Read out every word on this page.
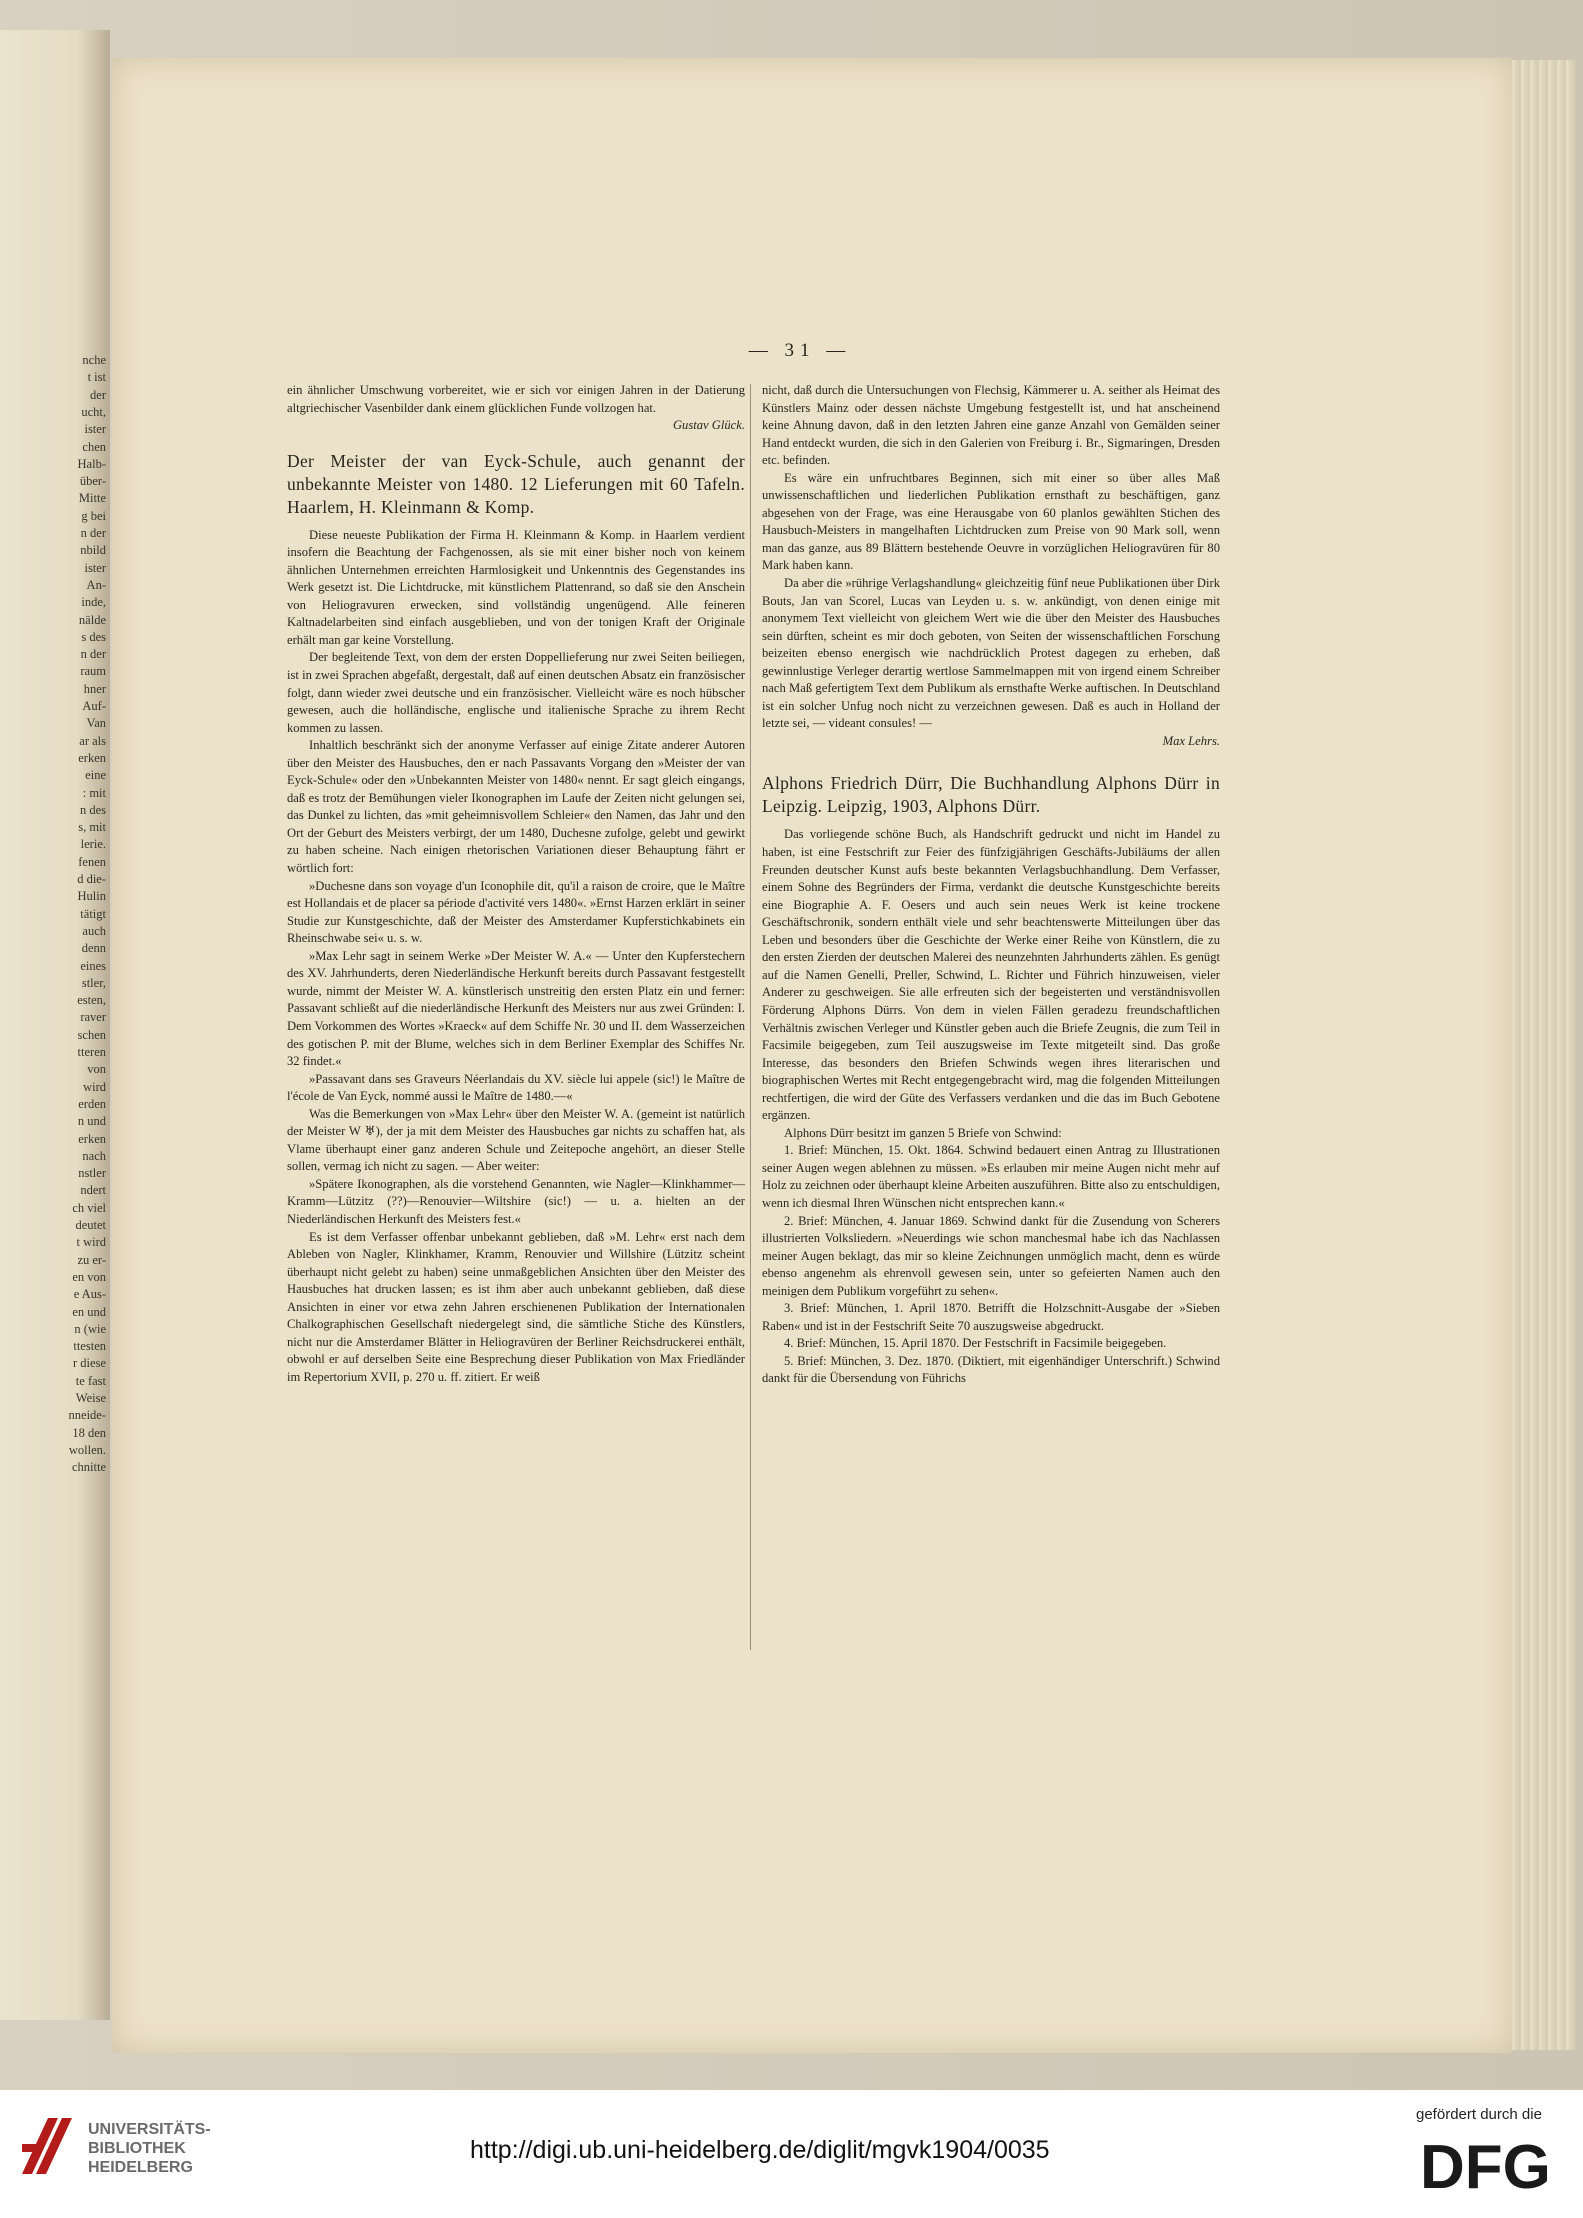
nche
t ist
der
ucht,
ister
chen
Halb-
über-
Mitte
g bei
n der
nbild
ister
An-
inde,
nälde
s des
n der
raum
hner
Auf-
Van
ar als
erken
eine
: mit
n des
s, mit
lerie.
fenen
d die-
Hulin
tätigt
auch
denn
eines
stler,
esten,
raver
schen
tteren
von
wird
erden
n und
erken
nach
nstler
ndert
ch viel
deutet
t wird
zu er-
en von
e Aus-
en und
n (wie
ttesten
r diese
te fast
Weise
nneide-
18 den
wollen.
chnitte
— 31 —

ein ähnlicher Umschwung vorbereitet, wie er sich vor einigen Jahren in der Datierung altgriechischer Vasenbilder dank einem glücklichen Funde vollzogen hat.

Gustav Glück.

Der Meister der van Eyck-Schule, auch genannt der unbekannte Meister von 1480. 12 Lieferungen mit 60 Tafeln. Haarlem, H. Kleinmann & Komp.

Diese neueste Publikation der Firma H. Kleinmann & Komp. in Haarlem verdient insofern die Beachtung der Fachgenossen, als sie mit einer bisher noch von keinem ähnlichen Unternehmen erreichten Harmlosigkeit und Unkenntnis des Gegenstandes ins Werk gesetzt ist. Die Lichtdrucke, mit künstlichem Plattenrand, so daß sie den Anschein von Heliogravuren erwecken, sind vollständig ungenügend. Alle feineren Kaltnadelarbeiten sind einfach ausgeblieben, und von der tonigen Kraft der Originale erhält man gar keine Vorstellung.

Der begleitende Text, von dem der ersten Doppellieferung nur zwei Seiten beiliegen, ist in zwei Sprachen abgefaßt, dergestalt, daß auf einen deutschen Absatz ein französischer folgt, dann wieder zwei deutsche und ein französischer. Vielleicht wäre es noch hübscher gewesen, auch die holländische, englische und italienische Sprache zu ihrem Recht kommen zu lassen.

Inhaltlich beschränkt sich der anonyme Verfasser auf einige Zitate anderer Autoren über den Meister des Hausbuches, den er nach Passavants Vorgang den »Meister der van Eyck-Schule« oder den »Unbekannten Meister von 1480« nennt. Er sagt gleich eingangs, daß es trotz der Bemühungen vieler Ikonographen im Laufe der Zeiten nicht gelungen sei, das Dunkel zu lichten, das »mit geheimnisvollem Schleier« den Namen, das Jahr und den Ort der Geburt des Meisters verbirgt, der um 1480, Duchesne zufolge, gelebt und gewirkt zu haben scheine. Nach einigen rhetorischen Variationen dieser Behauptung fährt er wörtlich fort:

»Duchesne dans son voyage d'un Iconophile dit, qu'il a raison de croire, que le Maître est Hollandais et de placer sa période d'activité vers 1480«. »Ernst Harzen erklärt in seiner Studie zur Kunstgeschichte, daß der Meister des Amsterdamer Kupferstichkabinets ein Rheinschwabe sei« u. s. w.

»Max Lehr sagt in seinem Werke »Der Meister W. A.« — Unter den Kupferstechern des XV. Jahrhunderts, deren Niederländische Herkunft bereits durch Passavant festgestellt wurde, nimmt der Meister W. A. künstlerisch unstreitig den ersten Platz ein und ferner: Passavant schließt auf die niederländische Herkunft des Meisters nur aus zwei Gründen: I. Dem Vorkommen des Wortes »Kraeck« auf dem Schiffe Nr. 30 und II. dem Wasserzeichen des gotischen P. mit der Blume, welches sich in dem Berliner Exemplar des Schiffes Nr. 32 findet.«

»Passavant dans ses Graveurs Néerlandais du XV. siècle lui appele (sic!) le Maître de l'école de Van Eyck, nommé aussi le Maître de 1480.—«

Was die Bemerkungen von »Max Lehr« über den Meister W. A. (gemeint ist natürlich der Meister W ♅), der ja mit dem Meister des Hausbuches gar nichts zu schaffen hat, als Vlame überhaupt einer ganz anderen Schule und Zeitepoche angehört, an dieser Stelle sollen, vermag ich nicht zu sagen. — Aber weiter:

»Spätere Ikonographen, als die vorstehend Genannten, wie Nagler—Klinkhammer—Kramm—Lützitz (??)—Renouvier—Wiltshire (sic!) — u. a. hielten an der Niederländischen Herkunft des Meisters fest.«

Es ist dem Verfasser offenbar unbekannt geblieben, daß »M. Lehr« erst nach dem Ableben von Nagler, Klinkhamer, Kramm, Renouvier und Willshire (Lützitz scheint überhaupt nicht gelebt zu haben) seine unmaßgeblichen Ansichten über den Meister des Hausbuches hat drucken lassen; es ist ihm aber auch unbekannt geblieben, daß diese Ansichten in einer vor etwa zehn Jahren erschienenen Publikation der Internationalen Chalkographischen Gesellschaft niedergelegt sind, die sämtliche Stiche des Künstlers, nicht nur die Amsterdamer Blätter in Heliogravüren der Berliner Reichsdruckerei enthält, obwohl er auf derselben Seite eine Besprechung dieser Publikation von Max Friedländer im Repertorium XVII, p. 270 u. ff. zitiert. Er weiß

nicht, daß durch die Untersuchungen von Flechsig, Kämmerer u. A. seither als Heimat des Künstlers Mainz oder dessen nächste Umgebung festgestellt ist, und hat anscheinend keine Ahnung davon, daß in den letzten Jahren eine ganze Anzahl von Gemälden seiner Hand entdeckt wurden, die sich in den Galerien von Freiburg i. Br., Sigmaringen, Dresden etc. befinden.

Es wäre ein unfruchtbares Beginnen, sich mit einer so über alles Maß unwissenschaftlichen und liederlichen Publikation ernsthaft zu beschäftigen, ganz abgesehen von der Frage, was eine Herausgabe von 60 planlos gewählten Stichen des Hausbuch-Meisters in mangelhaften Lichtdrucken zum Preise von 90 Mark soll, wenn man das ganze, aus 89 Blättern bestehende Oeuvre in vorzüglichen Heliogravüren für 80 Mark haben kann.

Da aber die »rührige Verlagshandlung« gleichzeitig fünf neue Publikationen über Dirk Bouts, Jan van Scorel, Lucas van Leyden u. s. w. ankündigt, von denen einige mit anonymem Text vielleicht von gleichem Wert wie die über den Meister des Hausbuches sein dürften, scheint es mir doch geboten, von Seiten der wissenschaftlichen Forschung beizeiten ebenso energisch wie nachdrücklich Protest dagegen zu erheben, daß gewinnlustige Verleger derartig wertlose Sammelmappen mit von irgend einem Schreiber nach Maß gefertigtem Text dem Publikum als ernsthafte Werke auftischen. In Deutschland ist ein solcher Unfug noch nicht zu verzeichnen gewesen. Daß es auch in Holland der letzte sei, — videant consules! —

Max Lehrs.

Alphons Friedrich Dürr, Die Buchhandlung Alphons Dürr in Leipzig. Leipzig, 1903, Alphons Dürr.

Das vorliegende schöne Buch, als Handschrift gedruckt und nicht im Handel zu haben, ist eine Festschrift zur Feier des fünfzigjährigen Geschäfts-Jubiläums der allen Freunden deutscher Kunst aufs beste bekannten Verlagsbuchhandlung. Dem Verfasser, einem Sohne des Begründers der Firma, verdankt die deutsche Kunstgeschichte bereits eine Biographie A. F. Oesers und auch sein neues Werk ist keine trockene Geschäftschronik, sondern enthält viele und sehr beachtenswerte Mitteilungen über das Leben und besonders über die Geschichte der Werke einer Reihe von Künstlern, die zu den ersten Zierden der deutschen Malerei des neunzehnten Jahrhunderts zählen. Es genügt auf die Namen Genelli, Preller, Schwind, L. Richter und Führich hinzuweisen, vieler Anderer zu geschweigen. Sie alle erfreuten sich der begeisterten und verständnisvollen Förderung Alphons Dürrs. Von dem in vielen Fällen geradezu freundschaftlichen Verhältnis zwischen Verleger und Künstler geben auch die Briefe Zeugnis, die zum Teil in Facsimile beigegeben, zum Teil auszugsweise im Texte mitgeteilt sind. Das große Interesse, das besonders den Briefen Schwinds wegen ihres literarischen und biographischen Wertes mit Recht entgegengebracht wird, mag die folgenden Mitteilungen rechtfertigen, die wird der Güte des Verfassers verdanken und die das im Buch Gebotene ergänzen.

Alphons Dürr besitzt im ganzen 5 Briefe von Schwind:

1. Brief: München, 15. Okt. 1864. Schwind bedauert einen Antrag zu Illustrationen seiner Augen wegen ablehnen zu müssen. »Es erlauben mir meine Augen nicht mehr auf Holz zu zeichnen oder überhaupt kleine Arbeiten auszuführen. Bitte also zu entschuldigen, wenn ich diesmal Ihren Wünschen nicht entsprechen kann.«

2. Brief: München, 4. Januar 1869. Schwind dankt für die Zusendung von Scherers illustrierten Volksliedern. »Neuerdings wie schon manchesmal habe ich das Nachlassen meiner Augen beklagt, das mir so kleine Zeichnungen unmöglich macht, denn es würde ebenso angenehm als ehrenvoll gewesen sein, unter so gefeierten Namen auch den meinigen dem Publikum vorgeführt zu sehen«.

3. Brief: München, 1. April 1870. Betrifft die Holzschnitt-Ausgabe der »Sieben Raben« und ist in der Festschrift Seite 70 auszugsweise abgedruckt.

4. Brief: München, 15. April 1870. Der Festschrift in Facsimile beigegeben.

5. Brief: München, 3. Dez. 1870. (Diktiert, mit eigenhändiger Unterschrift.) Schwind dankt für die Übersendung von Führichs

UNIVERSITÄTS-
BIBLIOTHEK
HEIDELBERG
http://digi.ub.uni-heidelberg.de/diglit/mgvk1904/0035
gefördert durch die
DFG
